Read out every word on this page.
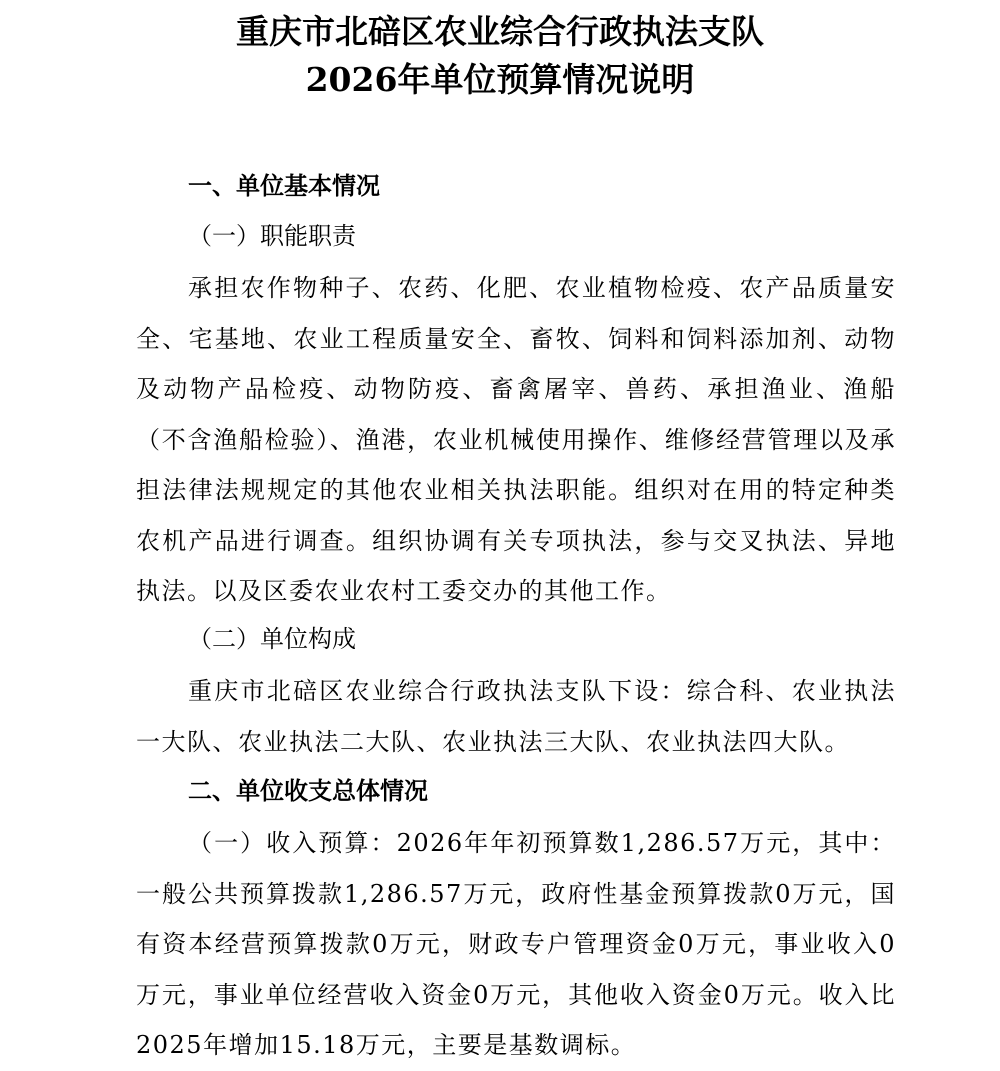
重庆市北碚区农业综合行政执法支队
2026年单位预算情况说明
一、单位基本情况
（一）职能职责

承担农作物种子、农药、化肥、农业植物检疫、农产品质量安全、宅基地、农业工程质量安全、畜牧、饲料和饲料添加剂、动物及动物产品检疫、动物防疫、畜禽屠宰、兽药、承担渔业、渔船（不含渔船检验）、渔港，农业机械使用操作、维修经营管理以及承担法律法规规定的其他农业相关执法职能。组织对在用的特定种类农机产品进行调查。组织协调有关专项执法，参与交叉执法、异地执法。以及区委农业农村工委交办的其他工作。

（二）单位构成

重庆市北碚区农业综合行政执法支队下设：综合科、农业执法一大队、农业执法二大队、农业执法三大队、农业执法四大队。

二、单位收支总体情况

（一）收入预算：2026年年初预算数1,286.57万元，其中：一般公共预算拨款1,286.57万元，政府性基金预算拨款0万元，国有资本经营预算拨款0万元，财政专户管理资金0万元，事业收入0万元，事业单位经营收入资金0万元，其他收入资金0万元。收入比2025年增加15.18万元，主要是基数调标。
